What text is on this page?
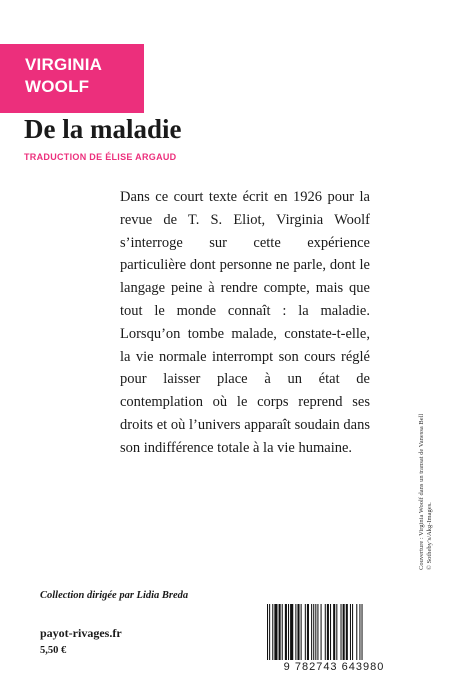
VIRGINIA
WOOLF
De la maladie
TRADUCTION DE ÉLISE ARGAUD

Dans ce court texte écrit en 1926 pour la revue de T. S. Eliot, Virginia Woolf s’interroge sur cette expérience particulière dont personne ne parle, dont le langage peine à rendre compte, mais que tout le monde connaît : la maladie. Lorsqu’on tombe malade, constate-t-elle, la vie normale interrompt son cours réglé pour laisser place à un état de contemplation où le corps reprend ses droits et où l’univers apparaît soudain dans son indifférence totale à la vie humaine.	Couverture : Virginia Woolf dans un transat de Vanessa Bell © Sotheby’s/Akg-Images.
Collection dirigée par Lidia Breda
payot-rivages.fr
5,50 €
9 782743 643980
